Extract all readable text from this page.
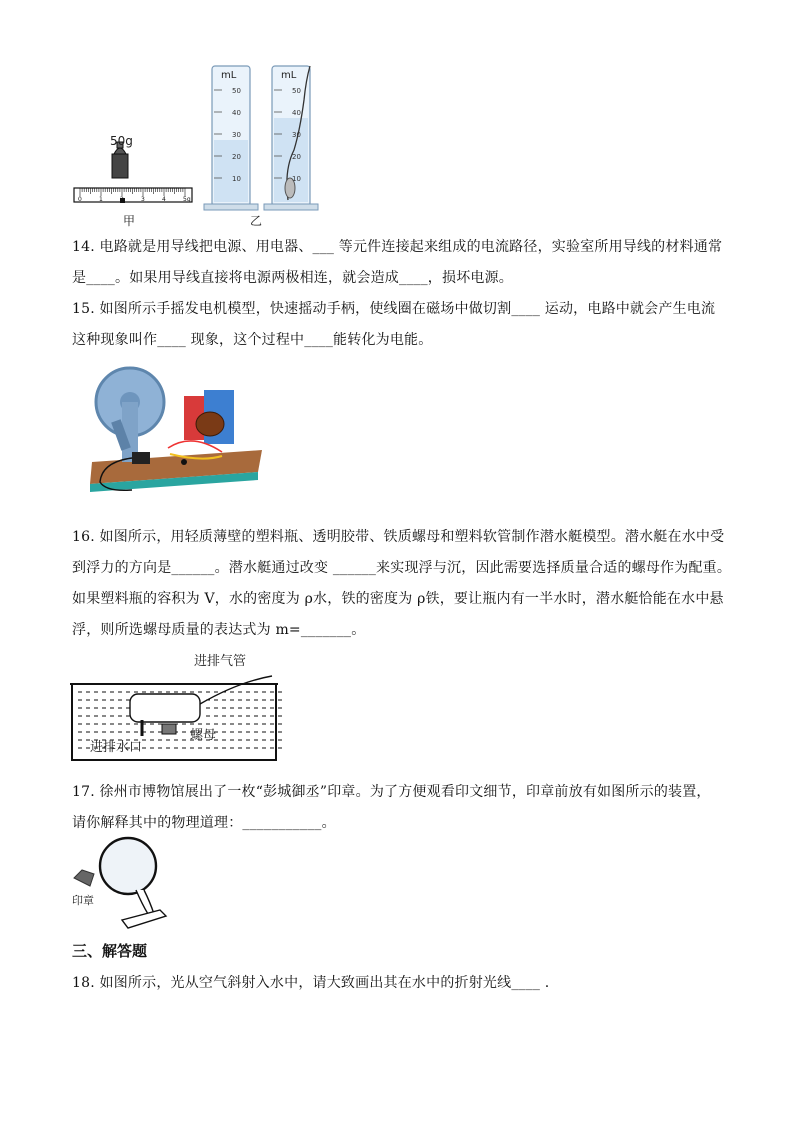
0	1	3	4	5g
50
40
30
20
10
50
40
30
20
10
50g
甲	乙
mL	mL
14. 电路就是用导线把电源、用电器、___ 等元件连接起来组成的电流路径，实验室所用导线的材料通常
是____。如果用导线直接将电源两极相连，就会造成____，损坏电源。
15. 如图所示手摇发电机模型，快速摇动手柄，使线圈在磁场中做切割____ 运动，电路中就会产生电流
这种现象叫作____ 现象，这个过程中____能转化为电能。
16. 如图所示，用轻质薄壁的塑料瓶、透明胶带、铁质螺母和塑料软管制作潜水艇模型。潜水艇在水中受
到浮力的方向是______。潜水艇通过改变 ______来实现浮与沉，因此需要选择质量合适的螺母作为配重。
如果塑料瓶的容积为 V，水的密度为 ρ水，铁的密度为 ρ铁，要让瓶内有一半水时，潜水艇恰能在水中悬
浮，则所选螺母质量的表达式为 m=_______。
进排气管
螺母
进排水口
17. 徐州市博物馆展出了一枚“彭城御丞”印章。为了方便观看印文细节，印章前放有如图所示的装置，
请你解释其中的物理道理：___________。
印章
三、解答题
18. 如图所示，光从空气斜射入水中，请大致画出其在水中的折射光线____ .
